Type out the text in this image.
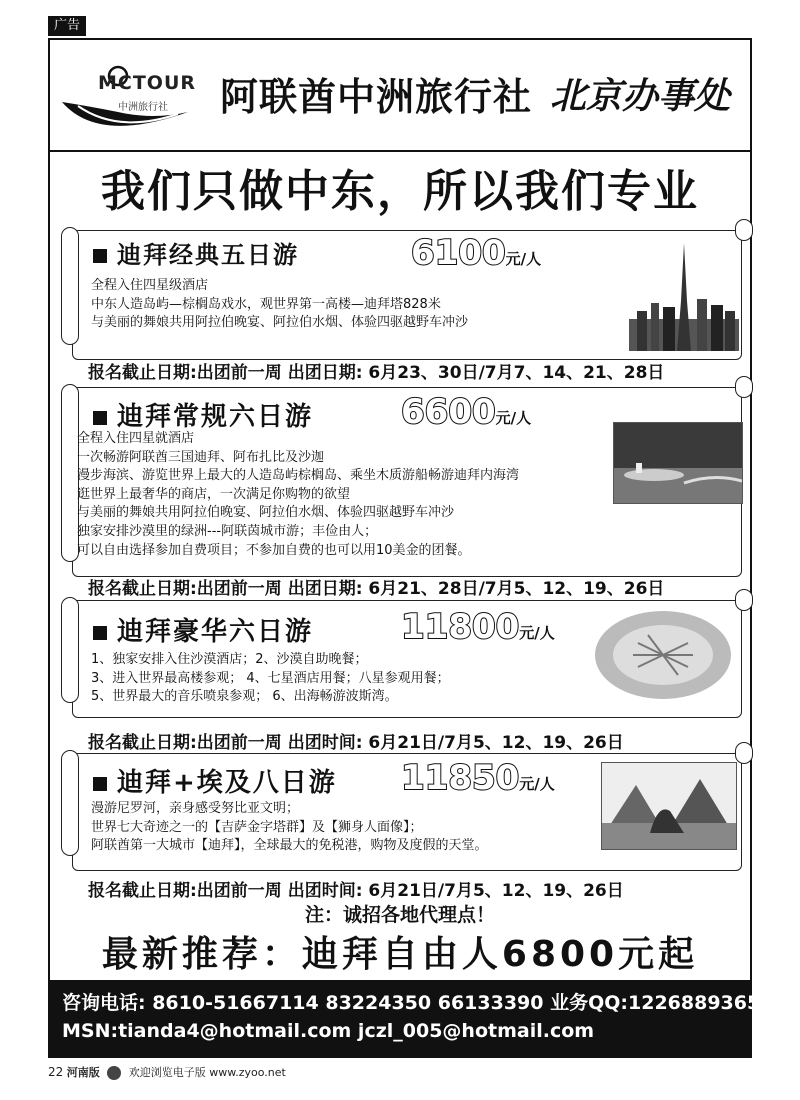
广告
MCTOUR
中洲旅行社 阿联酋中洲旅行社 北京办事处
我们只做中东，所以我们专业
迪拜经典五日游	6100元/人
全程入住四星级酒店
中东人造岛屿—棕榈岛戏水，观世界第一高楼—迪拜塔828米
与美丽的舞娘共用阿拉伯晚宴、阿拉伯水烟、体验四驱越野车冲沙
报名截止日期:出团前一周 出团日期: 6月23、30日/7月7、14、21、28日
迪拜常规六日游	6600元/人
全程入住四星就酒店
一次畅游阿联酋三国迪拜、阿布扎比及沙迦
漫步海滨、游览世界上最大的人造岛屿棕榈岛、乘坐木质游船畅游迪拜内海湾
逛世界上最奢华的商店，一次满足你购物的欲望
与美丽的舞娘共用阿拉伯晚宴、阿拉伯水烟、体验四驱越野车冲沙
独家安排沙漠里的绿洲---阿联茵城市游；丰俭由人；
可以自由选择参加自费项目；不参加自费的也可以用10美金的团餐。
报名截止日期:出团前一周 出团日期: 6月21、28日/7月5、12、19、26日
迪拜豪华六日游	11800元/人
1、独家安排入住沙漠酒店；2、沙漠自助晚餐；
3、进入世界最高楼参观； 4、七星酒店用餐；八星参观用餐；
5、世界最大的音乐喷泉参观； 6、出海畅游波斯湾。
报名截止日期:出团前一周 出团时间: 6月21日/7月5、12、19、26日
迪拜+埃及八日游 11850元/人
漫游尼罗河，亲身感受努比亚文明；
世界七大奇迹之一的【吉萨金字塔群】及【狮身人面像】；
阿联酋第一大城市【迪拜】，全球最大的免税港，购物及度假的天堂。
报名截止日期:出团前一周 出团时间: 6月21日/7月5、12、19、26日
注：诚招各地代理点！
最新推荐：迪拜自由人6800元起
咨询电话: 8610-51667114 83224350 66133390 业务QQ:1226889365
MSN:tianda4@hotmail.com jczl_005@hotmail.com
22 河南版	欢迎浏览电子版 www.zyoo.net
